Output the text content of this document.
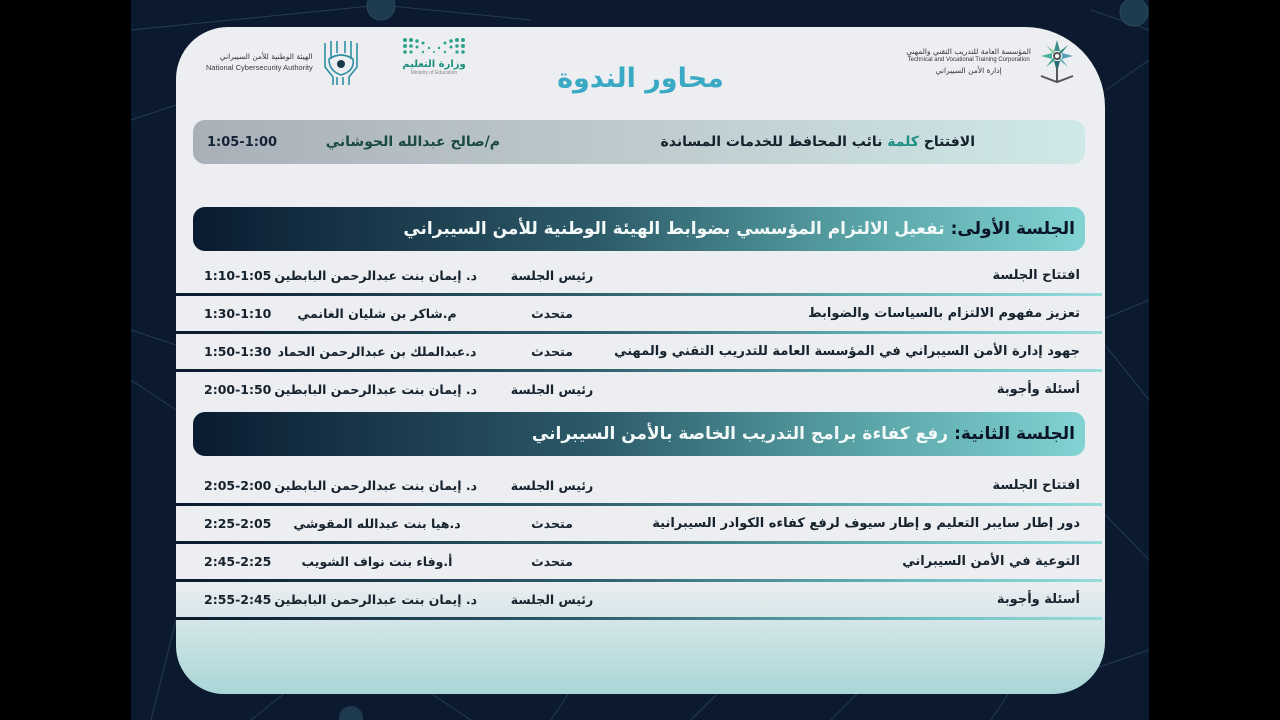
الهيئة الوطنية للأمن السيبراني
National Cybersecurity Authority	وزارة التعليم
Ministry of Education
المؤسسة العامة للتدريب التقني والمهني
Technical and Vocational Training Corporation
إدارة الأمن السيبراني
محاور الندوة
الافتتاح كلمة نائب المحافظ للخدمات المساندة
م/صالح عبدالله الحوشاني
1:05-1:00
الجلسة الأولى:
تفعيل الالتزام المؤسسي بضوابط الهيئة الوطنية للأمن السيبراني
افتتاح الجلسة
رئيس الجلسة
د. إيمان بنت عبدالرحمن البابطين
1:10-1:05
تعزيز مفهوم الالتزام بالسياسات والضوابط
متحدث
م.شاكر بن شليان الغانمي
1:30-1:10
جهود إدارة الأمن السيبراني في المؤسسة العامة للتدريب التقني والمهني
متحدث
د.عبدالملك بن عبدالرحمن الحماد
1:50-1:30
أسئلة وأجوبة
رئيس الجلسة
د. إيمان بنت عبدالرحمن البابطين
2:00-1:50
الجلسة الثانية:
رفع كفاءة برامج التدريب الخاصة بالأمن السيبراني
افتتاح الجلسة
رئيس الجلسة
د. إيمان بنت عبدالرحمن البابطين
2:05-2:00
دور إطار سايبر التعليم و إطار سيوف لرفع كفاءه الكوادر السيبرانية
متحدث
د.هيا بنت عبدالله المقوشي
2:25-2:05
التوعية في الأمن السيبراني
متحدث
أ.وفاء بنت نواف الشويب
2:45-2:25
أسئلة وأجوبة
رئيس الجلسة
د. إيمان بنت عبدالرحمن البابطين
2:55-2:45
